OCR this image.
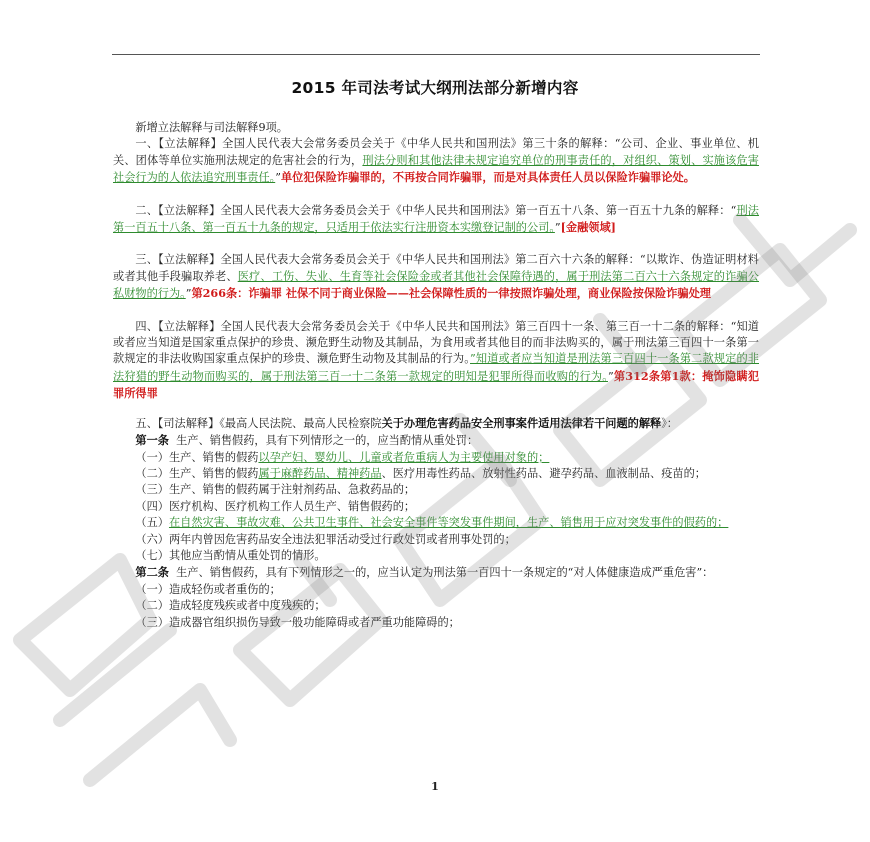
2015 年司法考试大纲刑法部分新增内容

新增立法解释与司法解释9项。

一、【立法解释】全国人民代表大会常务委员会关于《中华人民共和国刑法》第三十条的解释：“公司、企业、事业单位、机关、团体等单位实施刑法规定的危害社会的行为，刑法分则和其他法律未规定追究单位的刑事责任的，对组织、策划、实施该危害社会行为的人依法追究刑事责任。”单位犯保险诈骗罪的，不再按合同诈骗罪，而是对具体责任人员以保险诈骗罪论处。

二、【立法解释】全国人民代表大会常务委员会关于《中华人民共和国刑法》第一百五十八条、第一百五十九条的解释：“刑法第一百五十八条、第一百五十九条的规定，只适用于依法实行注册资本实缴登记制的公司。”[金融领域]

三、【立法解释】全国人民代表大会常务委员会关于《中华人民共和国刑法》第二百六十六条的解释：“以欺诈、伪造证明材料或者其他手段骗取养老、医疗、工伤、失业、生育等社会保险金或者其他社会保障待遇的，属于刑法第二百六十六条规定的诈骗公私财物的行为。”第266条：诈骗罪 社保不同于商业保险——社会保障性质的一律按照诈骗处理，商业保险按保险诈骗处理

四、【立法解释】全国人民代表大会常务委员会关于《中华人民共和国刑法》第三百四十一条、第三百一十二条的解释：“知道或者应当知道是国家重点保护的珍贵、濒危野生动物及其制品，为食用或者其他目的而非法购买的，属于刑法第三百四十一条第一款规定的非法收购国家重点保护的珍贵、濒危野生动物及其制品的行为。”知道或者应当知道是刑法第三百四十一条第二款规定的非法狩猎的野生动物而购买的，属于刑法第三百一十二条第一款规定的明知是犯罪所得而收购的行为。”第312条第1款：掩饰隐瞒犯罪所得罪

五、【司法解释】《最高人民法院、最高人民检察院关于办理危害药品安全刑事案件适用法律若干问题的解释》：

第一条 生产、销售假药，具有下列情形之一的，应当酌情从重处罚：

（一）生产、销售的假药以孕产妇、婴幼儿、儿童或者危重病人为主要使用对象的；

（二）生产、销售的假药属于麻醉药品、精神药品、医疗用毒性药品、放射性药品、避孕药品、血液制品、疫苗的；

（三）生产、销售的假药属于注射剂药品、急救药品的；

（四）医疗机构、医疗机构工作人员生产、销售假药的；

（五）在自然灾害、事故灾难、公共卫生事件、社会安全事件等突发事件期间，生产、销售用于应对突发事件的假药的；

（六）两年内曾因危害药品安全违法犯罪活动受过行政处罚或者刑事处罚的；

（七）其他应当酌情从重处罚的情形。

第二条 生产、销售假药，具有下列情形之一的，应当认定为刑法第一百四十一条规定的“对人体健康造成严重危害”：

（一）造成轻伤或者重伤的；

（二）造成轻度残疾或者中度残疾的；

（三）造成器官组织损伤导致一般功能障碍或者严重功能障碍的；

1
